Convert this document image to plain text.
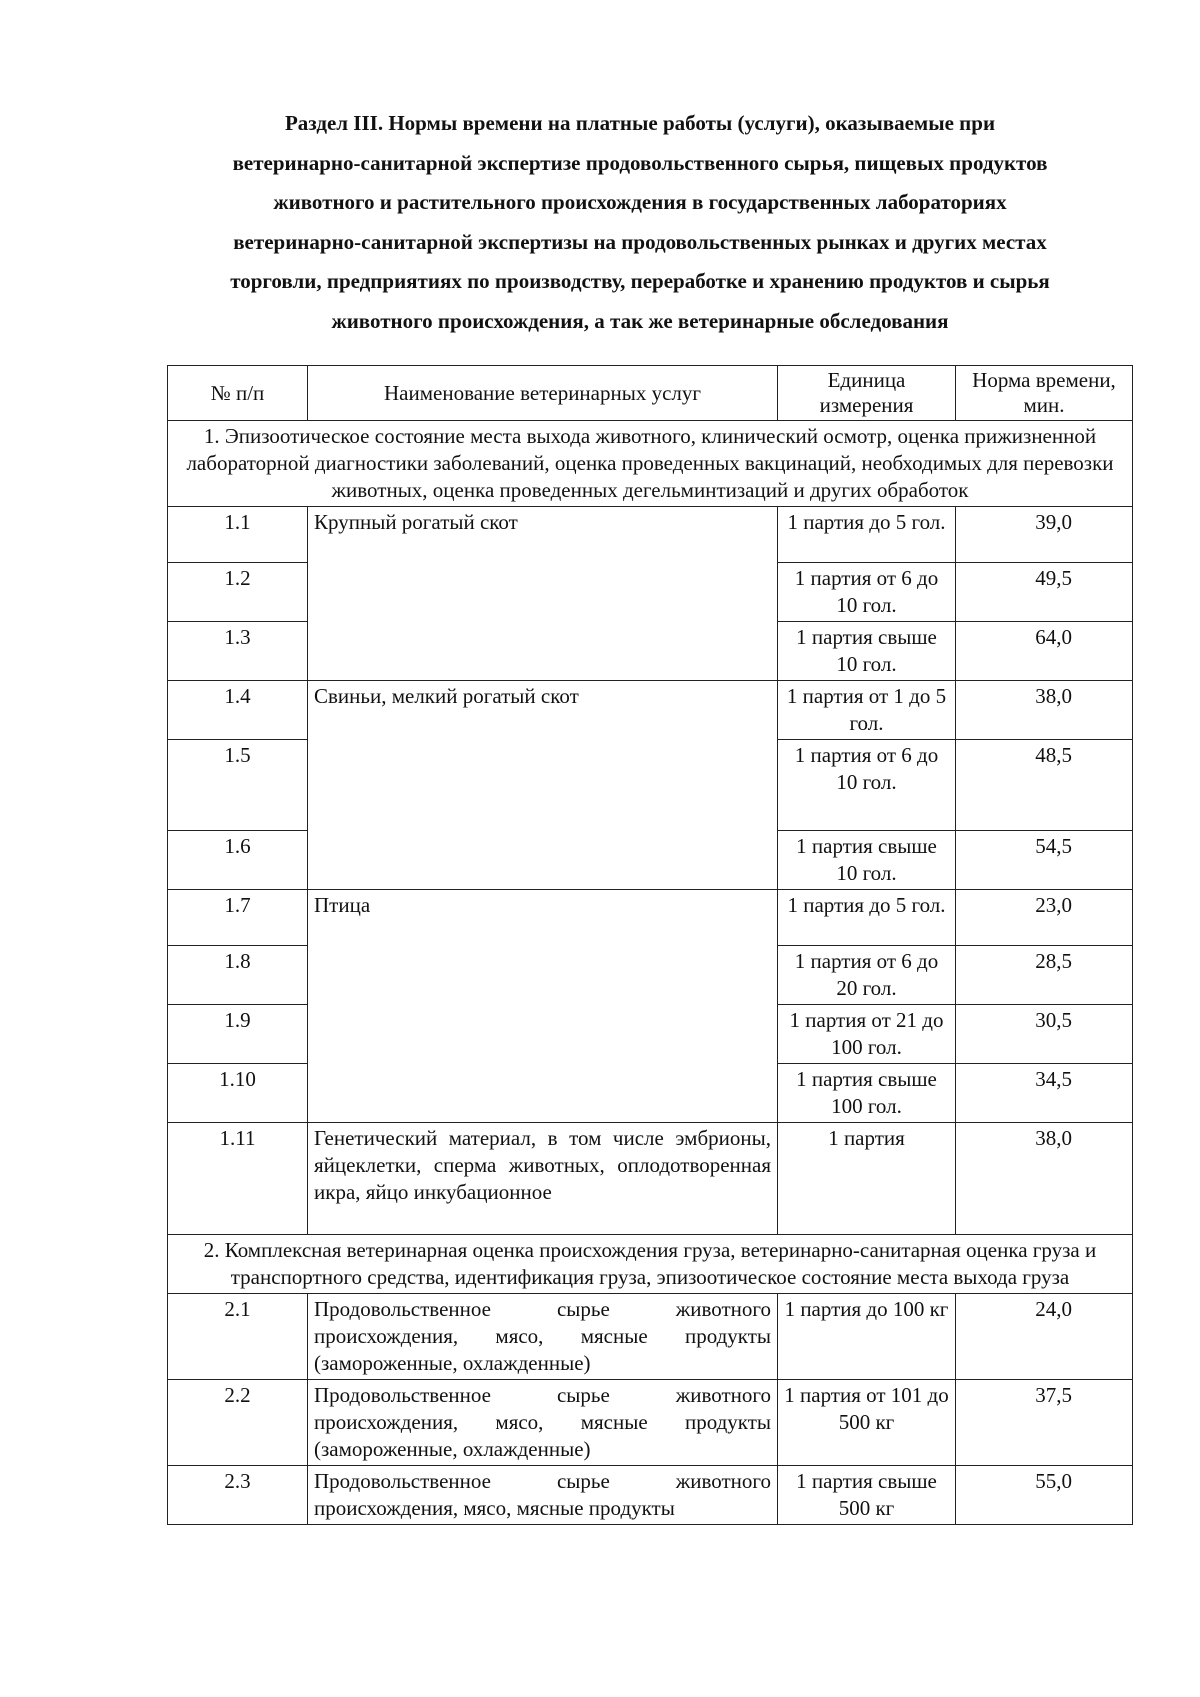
Раздел III. Нормы времени на платные работы (услуги), оказываемые при
ветеринарно-санитарной экспертизе продовольственного сырья, пищевых продуктов
животного и растительного происхождения в государственных лабораториях
ветеринарно-санитарной экспертизы на продовольственных рынках и других местах
торговли, предприятиях по производству, переработке и хранению продуктов и сырья
животного происхождения, а так же ветеринарные обследования
№ п/п	Наименование ветеринарных услуг	Единица измерения	Норма времени, мин.
1. Эпизоотическое состояние места выхода животного, клинический осмотр, оценка прижизненной лабораторной диагностики заболеваний, оценка проведенных вакцинаций, необходимых для перевозки животных, оценка проведенных дегельминтизаций и других обработок			
1.1	Крупный рогатый скот	1 партия до 5 гол.	39,0
1.2		1 партия от 6 до 10 гол.	49,5
1.3		1 партия свыше 10 гол.	64,0
1.4	Свиньи, мелкий рогатый скот	1 партия от 1 до 5 гол.	38,0
1.5		1 партия от 6 до 10 гол.	48,5
1.6		1 партия свыше 10 гол.	54,5
1.7	Птица	1 партия до 5 гол.	23,0
1.8		1 партия от 6 до 20 гол.	28,5
1.9		1 партия от 21 до 100 гол.	30,5
1.10		1 партия свыше 100 гол.	34,5
1.11	Генетический материал, в том числе эмбрионы, яйцеклетки, сперма животных, оплодотворенная икра, яйцо инкубационное	1 партия	38,0
2. Комплексная ветеринарная оценка происхождения груза, ветеринарно-санитарная оценка груза и транспортного средства, идентификация груза, эпизоотическое состояние места выхода груза			
2.1	Продовольственное сырье животного происхождения, мясо, мясные продукты (замороженные, охлажденные)	1 партия до 100 кг	24,0
2.2	Продовольственное сырье животного происхождения, мясо, мясные продукты (замороженные, охлажденные)	1 партия от 101 до 500 кг	37,5
2.3	Продовольственное сырье животного происхождения, мясо, мясные продукты	1 партия свыше 500 кг	55,0
